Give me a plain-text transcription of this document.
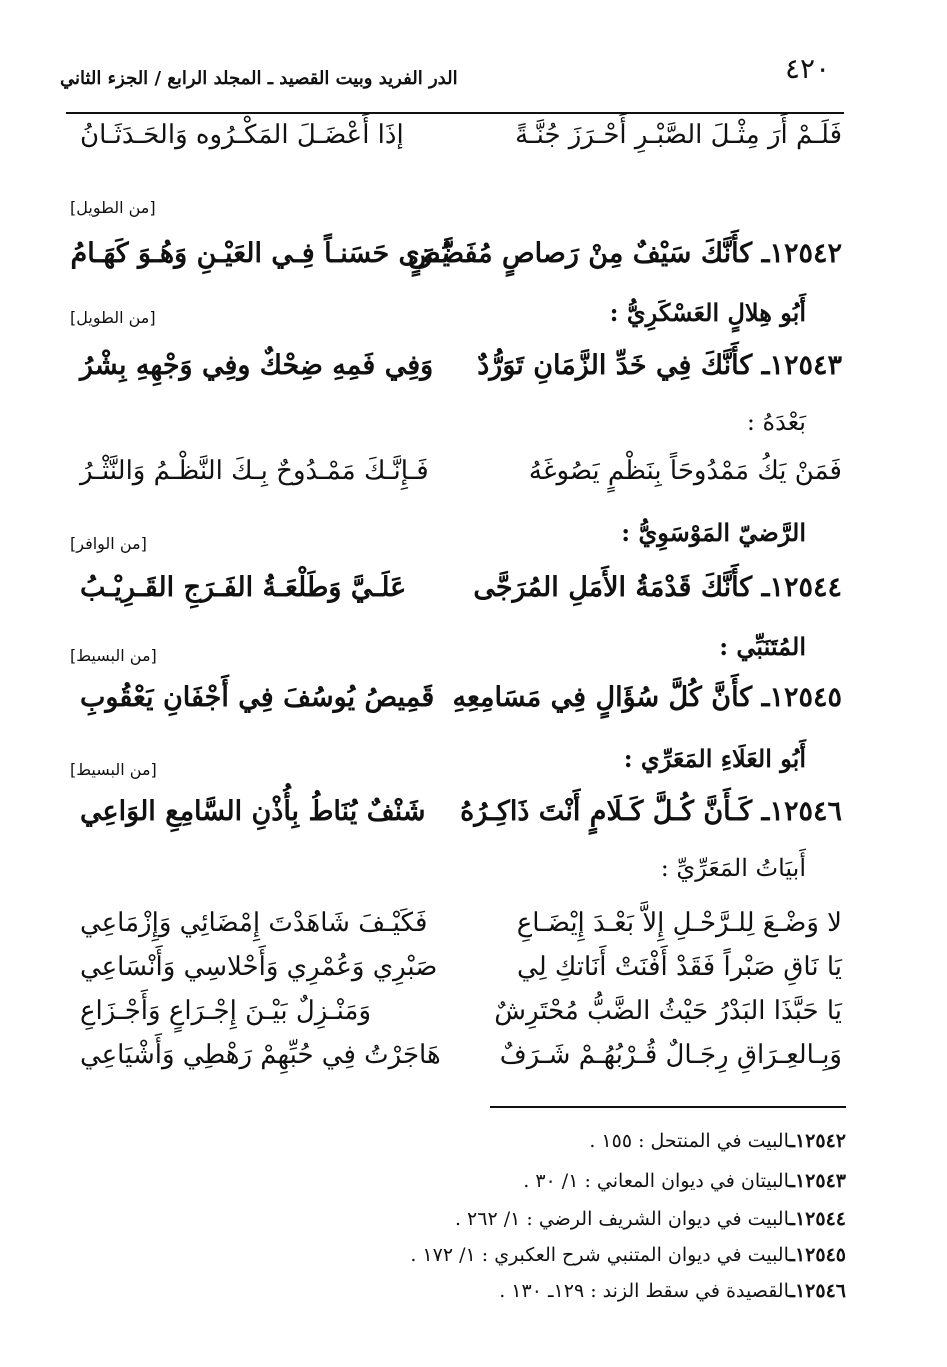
٤٢٠
الدر الفريد وبيت القصيد ـ المجلد الرابع / الجزء الثاني
فَلَـمْ أَرَ مِثْـلَ الصَّبْـرِ أَحْـرَزَ جُنَّـةً
إذَا أَعْضَـلَ المَكْـرُوه وَالحَـدَثَـانُ
[من الطويل]
١٢٥٤٢ـ كأَنَّكَ سَيْفٌ مِنْ رَصاصٍ مُفَضَّضٍ
يُـرَى حَسَنـاً فِـي العَيْـنِ وَهُـوَ كَهَـامُ
أَبُو هِلالٍ العَسْكَرِيُّ :
[من الطويل]
١٢٥٤٣ـ كأَنَّكَ فِي خَدِّ الزَّمَانِ تَوَرُّدٌ
وَفِي فَمِهِ ضِحْكٌ وفِي وَجْهِهِ بِشْرُ
بَعْدَهُ :
فَمَنْ يَكُ مَمْدُوحَاً بِنَظْمٍ يَصُوغَهُ
فَـإِنَّـكَ مَمْـدُوحٌ بِـكَ النَّظْـمُ وَالنَّثْـرُ
الرَّضيّ المَوْسَوِيُّ :
[من الوافر]
١٢٥٤٤ـ كأَنَّكَ قَدْمَةُ الأَمَلِ المُرَجَّى
عَلَـيَّ وَطَلْعَـةُ الفَـرَجِ القَـرِيْـبُ
المُتَنَبِّي :
[من البسيط]
١٢٥٤٥ـ كأَنَّ كُلَّ سُؤَالٍ فِي مَسَامِعِهِ
قَمِيصُ يُوسُفَ فِي أَجْفَانِ يَعْقُوبِ
أَبُو العَلَاءِ المَعَرِّي :
[من البسيط]
١٢٥٤٦ـ كَـأَنَّ كُـلَّ كَـلَامٍ أَنْتَ ذَاكِـرُهُ
شَنْفٌ يُنَاطُ بِأُذْنِ السَّامِعِ الوَاعِي
أَبيَاتُ المَعَرِّيِّ :
لا وَضْـعَ لِلـرَّحْـلِ إِلاَّ بَعْـدَ إِيْضَـاعِ
فَكَيْـفَ شَاهَدْتَ إِمْضَائِي وَإِزْمَاعِي
يَا نَاقِ صَبْراً فَقَدْ أَفْنَتْ أَنَاتكِ لِي
صَبْرِي وَعُمْرِي وَأَحْلاسِي وَأَنْسَاعِي
يَا حَبَّذَا البَدْرُ حَيْثُ الضَّبُّ مُحْتَرِشٌ
وَمَنْـزِلٌ بَيْـنَ إِجْـرَاعٍ وَأَجْـزَاعِ
وَبِـالعِـرَاقِ رِجَـالٌ قُـرْبُهُـمْ شَـرَفٌ
هَاجَرْتُ فِي حُبِّهِمْ رَهْطِي وَأَشْيَاعِي
١٢٥٤٢ـالبيت في المنتحل : ١٥٥ .
١٢٥٤٣ـالبيتان في ديوان المعاني : ١/ ٣٠ .
١٢٥٤٤ـالبيت في ديوان الشريف الرضي : ١/ ٢٦٢ .
١٢٥٤٥ـالبيت في ديوان المتنبي شرح العكبري : ١/ ١٧٢ .
١٢٥٤٦ـالقصيدة في سقط الزند : ١٢٩ـ ١٣٠ .
